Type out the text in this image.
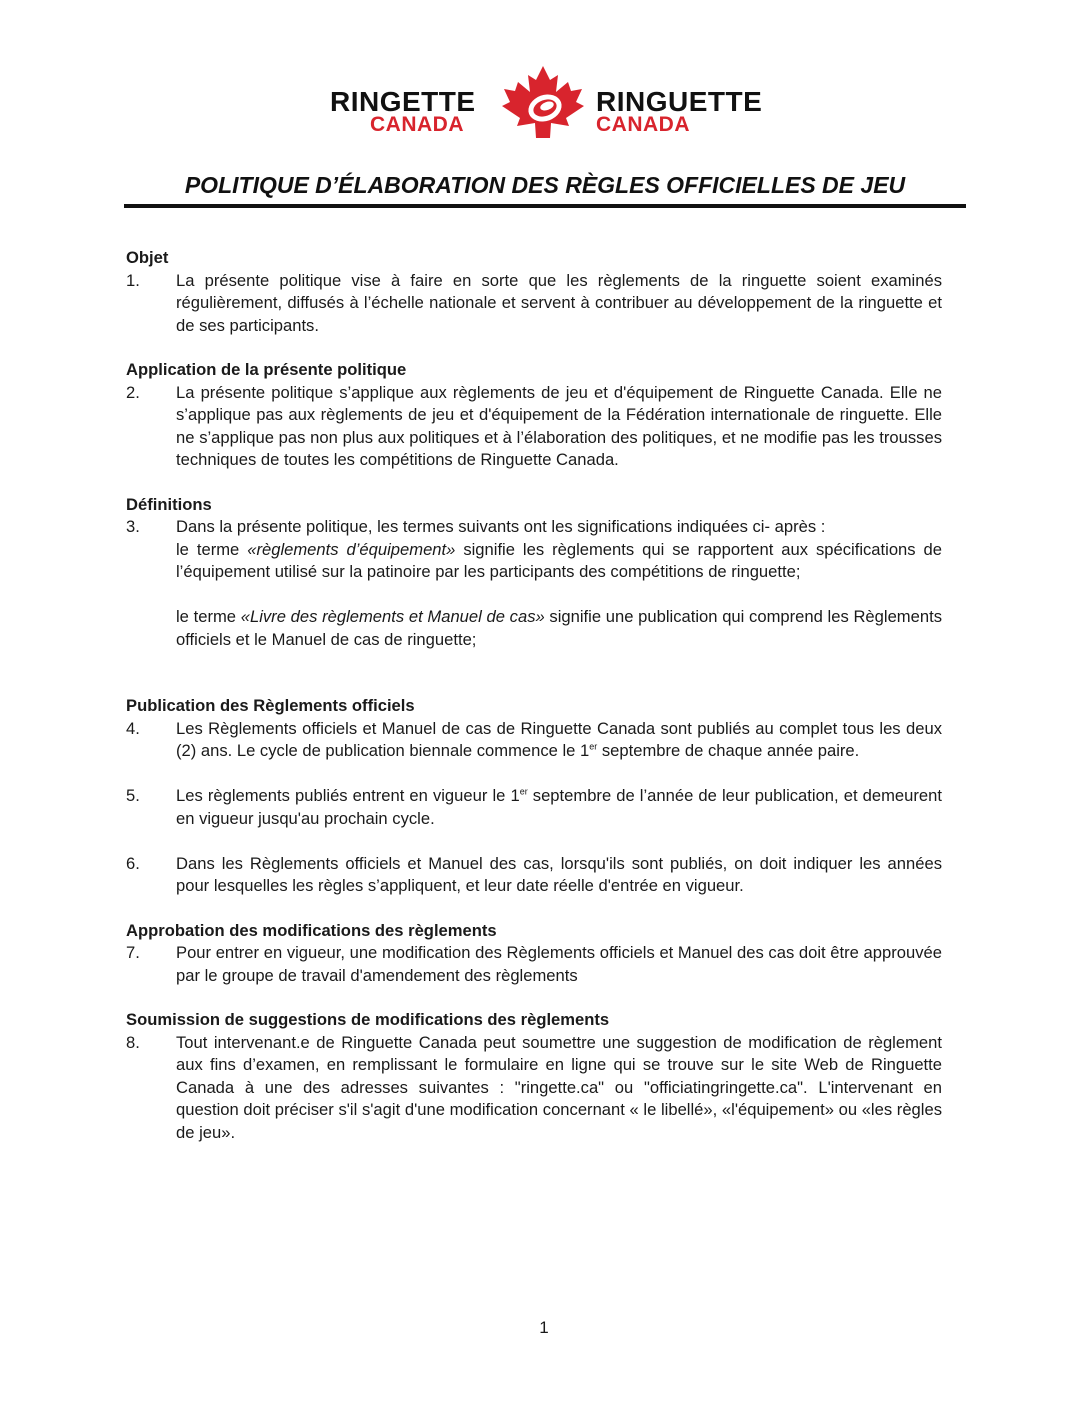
RINGETTE
CANADA
RINGUETTE
CANADA
POLITIQUE D’ÉLABORATION DES RÈGLES OFFICIELLES DE JEU

Objet

1.	La présente politique vise à faire en sorte que les règlements de la ringuette soient examinés régulièrement, diffusés à l’échelle nationale et servent à contribuer au développement de la ringuette et de ses participants.

Application de la présente politique

2.	La présente politique s’applique aux règlements de jeu et d'équipement de Ringuette Canada. Elle ne s’applique pas aux règlements de jeu et d'équipement de la Fédération internationale de ringuette. Elle ne s’applique pas non plus aux politiques et à l’élaboration des politiques, et ne modifie pas les trousses techniques de toutes les compétitions de Ringuette Canada.

Définitions

3.	Dans la présente politique, les termes suivants ont les significations indiquées ci- après :

le terme «règlements d’équipement» signifie les règlements qui se rapportent aux spécifications de l’équipement utilisé sur la patinoire par les participants des compétitions de ringuette;

le terme «Livre des règlements et Manuel de cas» signifie une publication qui comprend les Règlements officiels et le Manuel de cas de ringuette;

Publication des Règlements officiels

4.	Les Règlements officiels et Manuel de cas de Ringuette Canada sont publiés au complet tous les deux (2) ans. Le cycle de publication biennale commence le 1er septembre de chaque année paire.
5.	Les règlements publiés entrent en vigueur le 1er septembre de l’année de leur publication, et demeurent en vigueur jusqu'au prochain cycle.
6.	Dans les Règlements officiels et Manuel des cas, lorsqu'ils sont publiés, on doit indiquer les années pour lesquelles les règles s’appliquent, et leur date réelle d'entrée en vigueur.

Approbation des modifications des règlements

7.	Pour entrer en vigueur, une modification des Règlements officiels et Manuel des cas doit être approuvée par le groupe de travail d'amendement des règlements

Soumission de suggestions de modifications des règlements

8.	Tout intervenant.e de Ringuette Canada peut soumettre une suggestion de modification de règlement aux fins d’examen, en remplissant le formulaire en ligne qui se trouve sur le site Web de Ringuette Canada à une des adresses suivantes : "ringette.ca" ou "officiatingringette.ca". L'intervenant en question doit préciser s'il s'agit d'une modification concernant « le libellé», «l'équipement» ou «les règles de jeu».
1
